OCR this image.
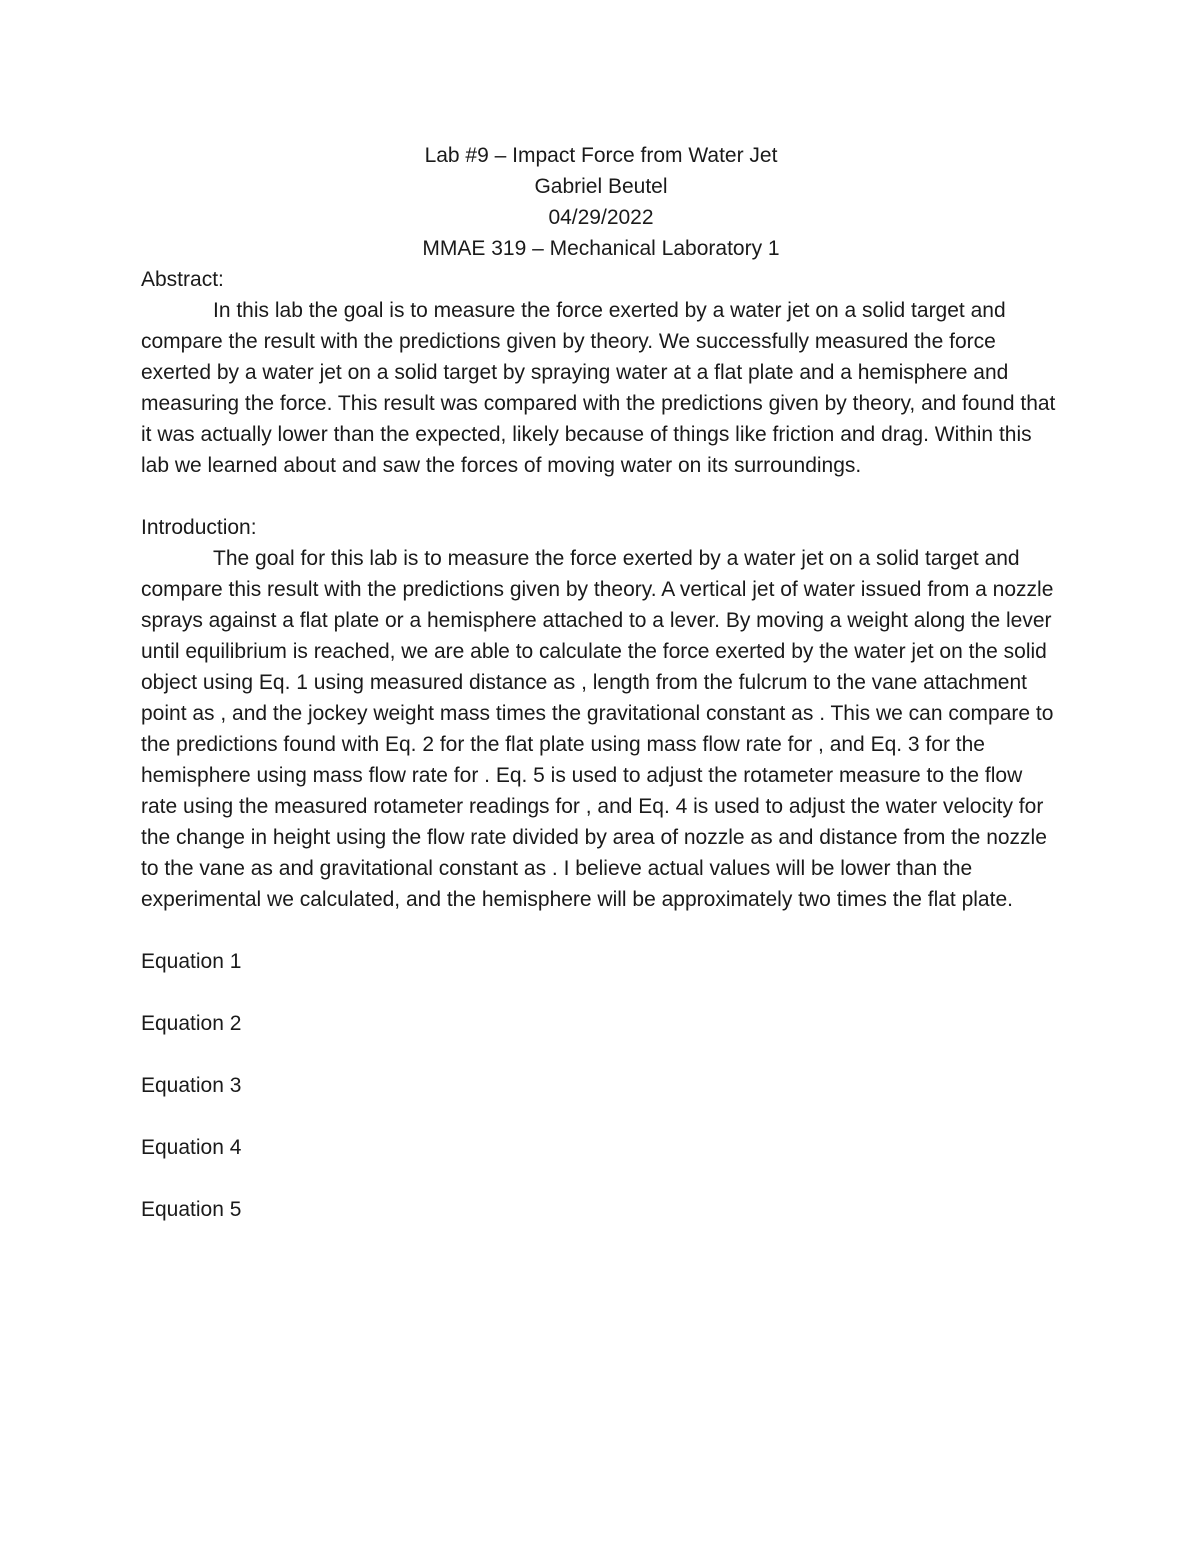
Lab #9 – Impact Force from Water Jet
Gabriel Beutel
04/29/2022
MMAE 319 – Mechanical Laboratory 1
Abstract:

In this lab the goal is to measure the force exerted by a water jet on a solid target and compare the result with the predictions given by theory. We successfully measured the force exerted by a water jet on a solid target by spraying water at a flat plate and a hemisphere and measuring the force. This result was compared with the predictions given by theory, and found that it was actually lower than the expected, likely because of things like friction and drag. Within this lab we learned about and saw the forces of moving water on its surroundings.

Introduction:

The goal for this lab is to measure the force exerted by a water jet on a solid target and compare this result with the predictions given by theory. A vertical jet of water issued from a nozzle sprays against a flat plate or a hemisphere attached to a lever. By moving a weight along the lever until equilibrium is reached, we are able to calculate the force exerted by the water jet on the solid object using Eq. 1 using measured distance as , length from the fulcrum to the vane attachment point as , and the jockey weight mass times the gravitational constant as . This we can compare to the predictions found with Eq. 2 for the flat plate using mass flow rate for , and Eq. 3 for the hemisphere using mass flow rate for . Eq. 5 is used to adjust the rotameter measure to the flow rate using the measured rotameter readings for , and Eq. 4 is used to adjust the water velocity for the change in height using the flow rate divided by area of nozzle as and distance from the nozzle to the vane as and gravitational constant as . I believe actual values will be lower than the experimental we calculated, and the hemisphere will be approximately two times the flat plate.

Equation 1
Equation 2
Equation 3
Equation 4
Equation 5
